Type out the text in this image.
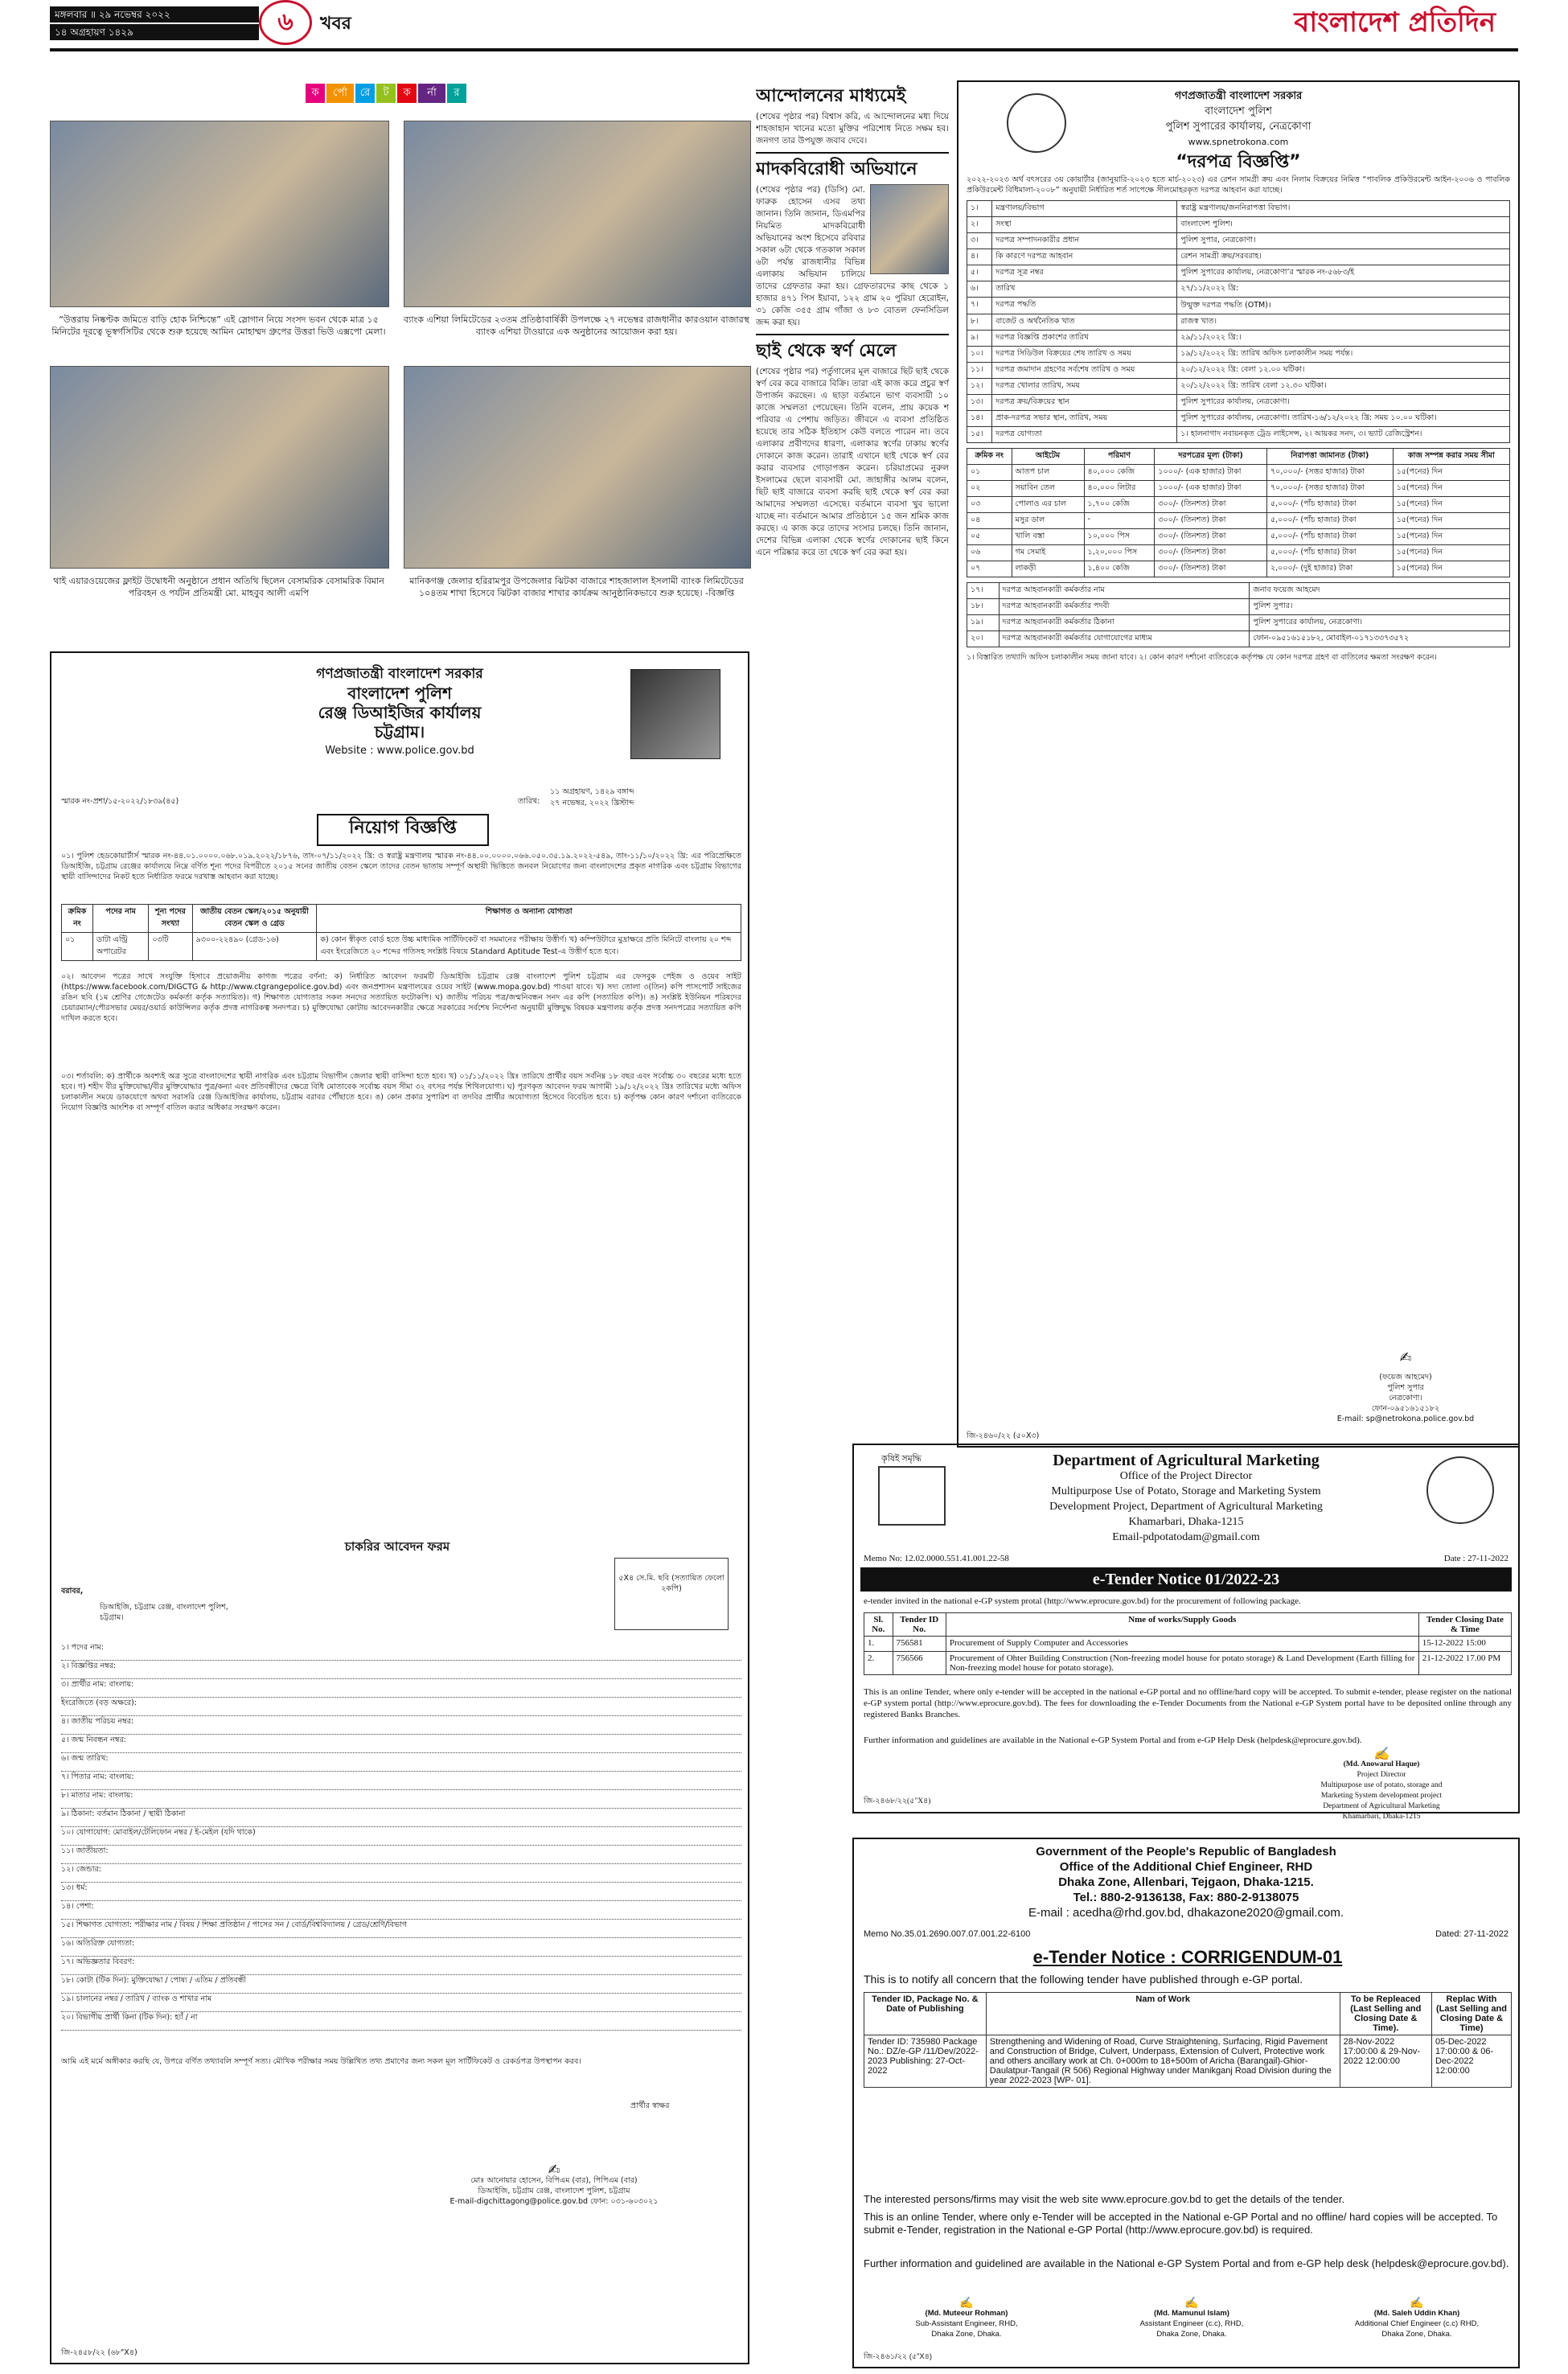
মঙ্গলবার ॥ ২৯ নভেম্বর ২০২২
১৪ অগ্রহায়ণ ১৪২৯	৬	খবর	বাংলাদেশ প্রতিদিন
“উত্তরায় নিষ্কণ্টক জমিতে বাড়ি হোক নিশ্চিন্তে” এই স্লোগান নিয়ে সংসদ ভবন থেকে মাত্র ১৫ মিনিটের দূরত্বে ভূস্বর্গসিটির থেকে শুরু হয়েছে আমিন মোহাম্মদ গ্রুপের উত্তরা ভিউ এক্সপো মেলা।
ব্যাংক এশিয়া লিমিটেডের ২৩তম প্রতিষ্ঠাবার্ষিকী উপলক্ষে ২৭ নভেম্বর রাজধানীর কারওয়ান বাজারস্থ ব্যাংক এশিয়া টাওয়ারে এক অনুষ্ঠানের আয়োজন করা হয়।
থাই এয়ারওয়েজের ফ্লাইট উদ্বোধনী অনুষ্ঠানে প্রধান অতিথি ছিলেন বেসামরিক বেসামরিক বিমান পরিবহন ও পর্যটন প্রতিমন্ত্রী মো. মাহবুব আলী এমপি
মানিকগঞ্জ জেলার হরিরামপুর উপজেলার ঝিটকা বাজারে শাহজালাল ইসলামী ব্যাংক লিমিটেডের ১০৪তম শাখা হিসেবে ঝিটকা বাজার শাখার কার্যক্রম আনুষ্ঠানিকভাবে শুরু হয়েছে। -বিজ্ঞপ্তি
ক র্পো রে ট ক র্না র	আন্দোলনের মাধ্যমেই
(শেষের পৃষ্ঠার পর) বিশ্বাস করি, এ আন্দোলনের মধ্য দিয়ে শাহজাহান খানের মতো মুক্তির পরিশোধ নিতে সক্ষম হব। জনগণ তার উপযুক্ত জবাব দেবে।
মাদকবিরোধী অভিযানে
(শেষের পৃষ্ঠার পর) (ডিসি) মো. ফারুক হোসেন এসব তথ্য জানান। তিনি জানান, ডিএমপির নিয়মিত মাদকবিরোধী অভিযানের অংশ হিসেবে রবিবার সকাল ৬টা থেকে গতকাল সকাল ৬টা পর্যন্ত রাজধানীর বিভিন্ন এলাকায় অভিযান চালিয়ে তাদের গ্রেফতার করা হয়। গ্রেফতারদের কাছ থেকে ১ হাজার ৪৭১ পিস ইয়াবা, ১২২ গ্রাম ২০ পুরিয়া হেরোইন, ৩১ কেজি ৩৫৫ গ্রাম গাঁজা ও ৮৩ বোতল ফেনসিডিল জব্দ করা হয়।
ছাই থেকে স্বর্ণ মেলে
(শেষের পৃষ্ঠার পর) পর্তুগালের মূল বাজারে ছিট ছাই থেকে স্বর্ণ বের করে বাজারে বিক্রি। তারা এই কাজ করে প্রচুর স্বর্ণ উপার্জন করছেন। এ ছাড়া বর্তমানে ভাগ ব্যবসায়ী ১০ কাজে সম্মলতা পেয়েছেন। তিনি বলেন, প্রায় কয়েক শ পরিবার এ পেশায় জড়িত। জীবনে এ ব্যবসা প্রতিষ্ঠিত হয়েছে তার সঠিক ইতিহাস কেউ বলতে পারেন না। তবে এলাকার প্রবীণদের ধারণা, এলাকার স্বর্ণের ঢাকায় স্বর্ণের দোকানে কাজ করেন। তারাই এখানে ছাই থেকে স্বর্ণ বের করার ব্যবসার গোড়াপত্তন করেন। চরিয়াপ্রমের নুরুল ইসলামের ছেলে ব্যবসায়ী মো. জাহাঙ্গীর আলম বলেন, ছিট ছাই বাজারে ব্যবসা করছি ছাই থেকে স্বর্ণ বের করা আমাদের সম্মলতা এসেছে। বর্তমানে ব্যবসা খুব ভালো যাচ্ছে না। বর্তমানে আমার প্রতিষ্ঠানে ১৫ জন শ্রমিক কাজ করছে। এ কাজ করে তাদের সংসার চলছে। তিনি জানান, দেশের বিভিন্ন এলাকা থেকে স্বর্ণের দোকানের ছাই কিনে এনে পরিষ্কার করে তা থেকে স্বর্ণ বের করা হয়।
গণপ্রজাতন্ত্রী বাংলাদেশ সরকার
বাংলাদেশ পুলিশ
পুলিশ সুপারের কার্যালয়, নেত্রকোণা
www.spnetrokona.com
“দরপত্র বিজ্ঞপ্তি”
২০২২-২০২৩ অর্থ বৎসরের ৩য় কোয়ার্টার (জানুয়ারি-২০২৩ হতে মার্চ-২০২৩) এর রেশন সামগ্রী ক্রয় এবং নিলাম বিক্রয়ের নিমিত্ত “পাবলিক প্রকিউরমেন্ট আইন-২০০৬ ও পাবলিক প্রকিউরমেন্ট বিধিমালা-২০০৮” অনুযায়ী নির্ধারিত শর্ত সাপেক্ষে সীলমোহরকৃত দরপত্র আহবান করা যাচ্ছে।
১।	মন্ত্রণালয়/বিভাগ	স্বরাষ্ট্র মন্ত্রণালয়/জননিরাপত্তা বিভাগ।
২।	সংস্থা	বাংলাদেশ পুলিশ।
৩।	দরপত্র সম্পাদনকারীর প্রধান	পুলিশ সুপার, নেত্রকোণা।
৪।	কি কারণে দরপত্র আহবান	রেশন সামগ্রী ক্রয়/সরবরাহ।
৫।	দরপত্র সূত্র নম্বর	পুলিশ সুপারের কার্যালয়, নেত্রকোণা’র স্মারক নং-৫৬৮৩/ই
৬।	তারিখ	২৭/১১/২০২২ খ্রি:
৭।	দরপত্র পদ্ধতি	উন্মুক্ত দরপত্র পদ্ধতি (OTM)।
৮।	বাজেট ও অর্থনৈতিক খাত	রাজস্ব খাত।
৯।	দরপত্র বিজ্ঞপ্তি প্রকাশের তারিখ	২৯/১১/২০২২ খ্রি:।
১০।	দরপত্র সিডিউল বিক্রয়ের শেষ তারিখ ও সময়	১৯/১২/২০২২ খ্রি: তারিখ অফিস চলাকালীন সময় পর্যন্ত।
১১।	দরপত্র জমাদান গ্রহণের সর্বশেষ তারিখ ও সময়	২০/১২/২০২২ খ্রি: বেলা ১২.০০ ঘটিকা।
১২।	দরপত্র খোলার তারিখ, সময়	২০/১২/২০২২ খ্রি: তারিখ বেলা ১২.৩০ ঘটিকা।
১৩।	দরপত্র ক্রয়/বিক্রয়ের স্থান	পুলিশ সুপারের কার্যালয়, নেত্রকোণা।
১৪।	প্রাক-দরপত্র সভার স্থান, তারিখ, সময়	পুলিশ সুপারের কার্যালয়, নেত্রকোণা। তারিখ-১৬/১২/২০২২ খ্রি: সময় ১০.০০ ঘটিকা।
১৫।	দরপত্র যোগ্যতা	১। হালনাগাদ নবায়নকৃত ট্রেড লাইসেন্স, ২। আয়কর সনদ, ৩। ভ্যাট রেজিস্ট্রেশন।
ক্রমিক নং	আইটেম	পরিমাণ	দরপত্রের মূল্য (টাকা)	নিরাপত্তা জামানত (টাকা)	কাজ সম্পন্ন করার সময় সীমা
০১	আতপ চাল	৪০,০০০ কেজি	১০০০/- (এক হাজার) টাকা	৭০,০০০/- (সত্তর হাজার) টাকা	১৫(পনের) দিন
০২	সয়াবিন তেল	৪০,০০০ লিটার	১০০০/- (এক হাজার) টাকা	৭০,০০০/- (সত্তর হাজার) টাকা	১৫(পনের) দিন
০৩	পোলাও এর চাল	১,৭০০ কেজি	৩০০/- (তিনশত) টাকা	৫,০০০/- (পাঁচ হাজার) টাকা	১৫(পনের) দিন
০৪	মসুর ডাল	-	৩০০/- (তিনশত) টাকা	৫,০০০/- (পাঁচ হাজার) টাকা	১৫(পনের) দিন
০৫	খালি বস্তা	১০,০০০ পিস	৩০০/- (তিনশত) টাকা	৫,০০০/- (পাঁচ হাজার) টাকা	১৫(পনের) দিন
০৬	গম সেমাই	১,২০,০০০ পিস	৩০০/- (তিনশত) টাকা	৫,০০০/- (পাঁচ হাজার) টাকা	১৫(পনের) দিন
০৭	লাকড়ী	১,৪০০ কেজি	৩০০/- (তিনশত) টাকা	২,০০০/- (দুই হাজার) টাকা	১৫(পনের) দিন
১৭।	দরপত্র আহবানকারী কর্মকর্তার নাম	জনাব ফয়েজ আহমেদ
১৮।	দরপত্র আহবানকারী কর্মকর্তার পদবী	পুলিশ সুপার।
১৯।	দরপত্র আহবানকারী কর্মকর্তার ঠিকানা	পুলিশ সুপারের কার্যালয়, নেত্রকোণা।
২০।	দরপত্র আহবানকারী কর্মকর্তার যোগাযোগের মাধ্যম	ফোন-০৯৫১৬১৫১৮২, মোবাইল-০১৭১৩৩৭৩৫৭২
১। বিস্তারিত তথ্যাদি অফিস চলাকালীন সময় জানা যাবে। ২। কোন কারণ দর্শানো ব্যতিরেকে কর্তৃপক্ষ যে কোন দরপত্র গ্রহণ বা বাতিলের ক্ষমতা সংরক্ষণ করেন।
✍
(ফয়েজ আহমেদ)
পুলিশ সুপার
নেত্রকোণা।
ফোন-০৯৫১৬১৫১৮২
E-mail: sp@netrokona.police.gov.bd
জি-২৪৬০/২২ (৫০X৩)
গণপ্রজাতন্ত্রী বাংলাদেশ সরকার
বাংলাদেশ পুলিশ
রেঞ্জ ডিআইজির কার্যালয়
চট্টগ্রাম।
Website : www.police.gov.bd
স্মারক নং-প্রশা/১৫-২০২২/১৮৩৯(৪৫)	তারিখ:
১১ অগ্রহায়ণ, ১৪২৯ বঙ্গাব্দ
২৭ নভেম্বর, ২০২২ খ্রিস্টাব্দ
নিয়োগ বিজ্ঞপ্তি
০১। পুলিশ হেডকোয়ার্টার্স স্মারক নং-৪৪.০১.০০০০.০৬৮.০১৯.২০২২/১৮৭৬, তাং-০৭/১১/২০২২ খ্রি: ও স্বরাষ্ট্র মন্ত্রণালয় স্মারক নং-৪৪.০০.০০০০.০৬৬.০৫০.৩৫.১৯.২০২২-৫৪৯, তাং-১১/১০/২০২২ খ্রি: এর পরিপ্রেক্ষিতে ডিআইজি, চট্টগ্রাম রেঞ্জের কার্যালয়ে নিম্নে বর্ণিত শূন্য পদের বিপরীতে ২০১৫ সনের জাতীয় বেতন স্কেলে তাদের বেতন ভাতায় সম্পূর্ণ অস্থায়ী ভিত্তিতে জনবল নিয়োগের জন্য বাংলাদেশের প্রকৃত নাগরিক এবং চট্টগ্রাম বিভাগের স্থায়ী বাসিন্দাদের নিকট হতে নির্ধারিত ফরমে দরখাস্ত আহবান করা যাচ্ছে।
ক্রমিক নং	পদের নাম	শূন্য পদের সংখ্যা	জাতীয় বেতন স্কেল/২০১৫ অনুযায়ী বেতন স্কেল ও গ্রেড	শিক্ষাগত ও অন্যান্য যোগ্যতা
০১	ডাটা এন্ট্রি অপারেটর	০৩টি	৯৩০০-২২৪৯০ (গ্রেড-১৬)	ক) কোন স্বীকৃত বোর্ড হতে উচ্চ মাধ্যমিক সার্টিফিকেট বা সমমানের পরীক্ষায় উত্তীর্ণ। খ) কম্পিউটারে মুদ্রাক্ষরে প্রতি মিনিটে বাংলায় ২০ শব্দ এবং ইংরেজিতে ২০ শব্দের গতিসহ সংশ্লিষ্ট বিষয়ে Standard Aptitude Test-এ উত্তীর্ণ হতে হবে।
০২। আবেদন পত্রের সাথে সংযুক্তি হিসাবে প্রয়োজনীয় কাগজ পত্রের বর্ণনা: ক) নির্ধারিত আবেদন ফরমটি ডিআইজি চট্টগ্রাম রেঞ্জ বাংলাদেশ পুলিশ চট্টগ্রাম এর ফেসবুক পেইজ ও ওয়েব সাইট (https://www.facebook.com/DIGCTG & http://www.ctgrangepolice.gov.bd) এবং জনপ্রশাসন মন্ত্রণালয়ের ওয়েব সাইট (www.mopa.gov.bd) পাওয়া যাবে। খ) সদ্য তোলা ৩(তিন) কপি পাসপোর্ট সাইজের রঙিন ছবি (১ম শ্রেণির গেজেটেড কর্মকর্তা কর্তৃক সত্যায়িত)। গ) শিক্ষাগত যোগ্যতার সকল সনদের সত্যায়িত ফটোকপি। ঘ) জাতীয় পরিচয় পত্র/জন্মনিবন্ধন সনদ এর কপি (সত্যায়িত কপি)। ঙ) সংশ্লিষ্ট ইউনিয়ন পরিষদের চেয়ারম্যান/পৌরসভার মেয়র/ওয়ার্ড কাউন্সিলর কর্তৃক প্রদত্ত নাগরিকত্ব সনদপত্র। চ) মুক্তিযোদ্ধা কোটায় আবেদনকারীর ক্ষেত্রে সরকারের সর্বশেষ নির্দেশনা অনুযায়ী মুক্তিযুদ্ধ বিষয়ক মন্ত্রণালয় কর্তৃক প্রদত্ত সনদপত্রের সত্যায়িত কপি দাখিল করতে হবে।
০৩। শর্তাবলি: ক) প্রার্থীকে অবশ্যই অত্র সুত্রে বাংলাদেশের স্থায়ী নাগরিক এবং চট্টগ্রাম বিভাগীন জেলার স্থায়ী বাসিন্দা হতে হবে। খ) ০১/১১/২০২২ খ্রিঃ তারিখে প্রার্থীর বয়স সর্বনিম্ন ১৮ বছর এবং সর্বোচ্চ ৩০ বছরের মধ্যে হতে হবে। গ) শহীদ বীর মুক্তিযোদ্ধা/বীর মুক্তিযোদ্ধার পুত্র/কন্যা এবং প্রতিবন্ধীদের ক্ষেত্রে বিধি মোতাবেক সর্বোচ্চ বয়স সীমা ৩২ বৎসর পর্যন্ত শিথিলযোগ্য। ঘ) পূরণকৃত আবেদন ফরম আগামী ১৯/১২/২০২২ খ্রিঃ তারিখের মধ্যে অফিস চলাকালীন সময়ে ডাকযোগে অথবা সরাসরি রেঞ্জ ডিআইজির কার্যালয়, চট্টগ্রাম বরাবর পৌঁছাতে হবে। ঙ) কোন প্রকার সুপারিশ বা তদবির প্রার্থীর অযোগ্যতা হিসেবে বিবেচিত হবে। চ) কর্তৃপক্ষ কোন কারণ দর্শানো ব্যতিরেকে নিয়োগ বিজ্ঞপ্তি আংশিক বা সম্পূর্ণ বাতিল করার অধিকার সংরক্ষণ করেন।
চাকরির আবেদন ফরম
৫X৪ সে.মি. ছবি (সত্যায়িত ফেলো ২কপি)
বরাবর,
ডিআইজি, চট্টগ্রাম রেঞ্জ, বাংলাদেশ পুলিশ, চট্টগ্রাম।
১। পদের নাম:
২। বিজ্ঞপ্তির নম্বর:
৩। প্রার্থীর নাম: বাংলায়:
ইংরেজিতে (বড় অক্ষরে):
৪। জাতীয় পরিচয় নম্বর:
৫। জন্ম নিবন্ধন নম্বর:
৬। জন্ম তারিখ:
৭। পিতার নাম: বাংলায়:
৮। মাতার নাম: বাংলায়:
৯। ঠিকানা: বর্তমান ঠিকানা / স্থায়ী ঠিকানা
১০। যোগাযোগ: মোবাইল/টেলিফোন নম্বর / ই-মেইল (যদি থাকে)
১১। জাতীয়তা:
১২। জেন্ডার:
১৩। ধর্ম:
১৪। পেশা:
১৫। শিক্ষাগত যোগ্যতা: পরীক্ষার নাম / বিষয় / শিক্ষা প্রতিষ্ঠান / পাসের সন / বোর্ড/বিশ্ববিদ্যালয় / গ্রেড/শ্রেণি/বিভাগ
১৬। অতিরিক্ত যোগ্যতা:
১৭। অভিজ্ঞতার বিবরণ:
১৮। কোটা (টিক দিন): মুক্তিযোদ্ধা / পোষ্য / এতিম / প্রতিবন্ধী
১৯। চালানের নম্বর / তারিখ / ব্যাংক ও শাখার নাম
২০। বিভাগীয় প্রার্থী কিনা (টিক দিন): হ্যাঁ / না
আমি এই মর্মে অঙ্গীকার করছি যে, উপরে বর্ণিত তথ্যাবলি সম্পূর্ণ সত্য। মৌখিক পরীক্ষার সময় উল্লিখিত তথ্য প্রমাণের জন্য সকল মূল সার্টিফিকেট ও রেকর্ডপত্র উপস্থাপন করব।
প্রার্থীর স্বাক্ষর
✍
মোঃ আনোয়ার হোসেন, বিপিএম (বার), পিপিএম (বার)
ডিআইজি, চট্টগ্রাম রেঞ্জ, বাংলাদেশ পুলিশ, চট্টগ্রাম
E-mail-digchittagong@police.gov.bd ফোন: ০৩১-৬০৩০২১
জি-২৪৫৮/২২ (৬৮"X৪)
কৃষিই সমৃদ্ধি	Department of Agricultural Marketing
Office of the Project Director
Multipurpose Use of Potato, Storage and Marketing System
Development Project, Department of Agricultural Marketing
Khamarbari, Dhaka-1215
Email-pdpotatodam@gmail.com
Memo No: 12.02.0000.551.41.001.22-58	Date : 27-11-2022
e-Tender Notice 01/2022-23
e-tender invited in the national e-GP system protal (http://www.eprocure.gov.bd) for the procurement of following package.
Sl. No.	Tender ID No.	Nme of works/Supply Goods	Tender Closing Date & Time
1.	756581	Procurement of Supply Computer and Accessories	15-12-2022 15:00
2.	756566	Procurement of Ohter Building Construction (Non-freezing model house for potato storage) & Land Development (Earth filling for Non-freezing model house for potato storage).	21-12-2022 17.00 PM
This is an online Tender, where only e-tender will be accepted in the national e-GP portal and no offline/hard copy will be accepted. To submit e-tender, please register on the national e-GP system portal (http://www.eprocure.gov.bd). The fees for downloading the e-Tender Documents from the National e-GP System portal have to be deposited online through any registered Banks Branches.
Further information and guidelines are available in the National e-GP System Portal and from e-GP Help Desk (helpdesk@eprocure.gov.bd).
✍
(Md. Anowarul Haque)
Project Director
Multipurpose use of potato, storage and
Marketing System development project
Department of Agricultural Marketing
Khamarbari, Dhaka-1215
জি-২৪৬৮/২২(৫"X৪)
Government of the People's Republic of Bangladesh
Office of the Additional Chief Engineer, RHD
Dhaka Zone, Allenbari, Tejgaon, Dhaka-1215.
Tel.: 880-2-9136138, Fax: 880-2-9138075
E-mail : acedha@rhd.gov.bd, dhakazone2020@gmail.com.
Memo No.35.01.2690.007.07.001.22-6100	Dated: 27-11-2022
e-Tender Notice : CORRIGENDUM-01
This is to notify all concern that the following tender have published through e-GP portal.
Tender ID, Package No. & Date of Publishing	Nam of Work	To be Repleaced (Last Selling and Closing Date & Time).	Replac With (Last Selling and Closing Date & Time)
Tender ID: 735980 Package No.: DZ/e-GP /11/Dev/2022-2023 Publishing: 27-Oct-2022	Strengthening and Widening of Road, Curve Straightening, Surfacing, Rigid Pavement and Construction of Bridge, Culvert, Underpass, Extension of Culvert, Protective work and others ancillary work at Ch. 0+000m to 18+500m of Aricha (Barangail)-Ghior-Daulatpur-Tangail (R 506) Regional Highway under Manikganj Road Division during the year 2022-2023 [WP- 01].	28-Nov-2022 17:00:00 & 29-Nov-2022 12:00:00	05-Dec-2022 17:00:00 & 06-Dec-2022 12:00:00
The interested persons/firms may visit the web site www.eprocure.gov.bd to get the details of the tender.
This is an online Tender, where only e-Tender will be accepted in the National e-GP Portal and no offline/ hard copies will be accepted. To submit e-Tender, registration in the National e-GP Portal (http://www.eprocure.gov.bd) is required.
Further information and guidelined are available in the National e-GP System Portal and from e-GP help desk (helpdesk@eprocure.gov.bd).
✍
(Md. Muteeur Rohman)
Sub-Assistant Engineer, RHD,
Dhaka Zone, Dhaka.
✍
(Md. Mamunul Islam)
Assistant Engineer (c.c), RHD,
Dhaka Zone, Dhaka.
✍
(Md. Saleh Uddin Khan)
Additional Chief Engineer (c.c) RHD,
Dhaka Zone, Dhaka.
জি-২৪৬১/২২ (৫"X৪)
